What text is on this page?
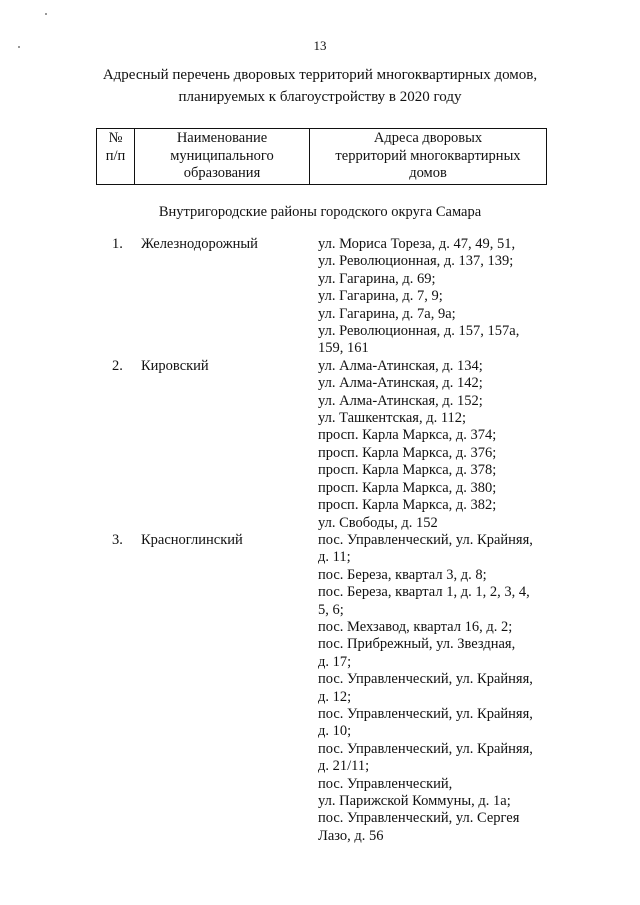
13
Адресный перечень дворовых территорий многоквартирных домов,
планируемых к благоустройству в 2020 году
№
п/п

Наименование
муниципального
образования

Адреса дворовых
территорий многоквартирных
домов
Внутригородские районы городского округа Самара
1. Железнодорожный	ул. Мориса Тореза, д. 47, 49, 51,
ул. Революционная, д. 137, 139;
ул. Гагарина, д. 69;
ул. Гагарина, д. 7, 9;
ул. Гагарина, д. 7а, 9а;
ул. Революционная, д. 157, 157а,
159, 161
2. Кировский	ул. Алма-Атинская, д. 134;
ул. Алма-Атинская, д. 142;
ул. Алма-Атинская, д. 152;
ул. Ташкентская, д. 112;
просп. Карла Маркса, д. 374;
просп. Карла Маркса, д. 376;
просп. Карла Маркса, д. 378;
просп. Карла Маркса, д. 380;
просп. Карла Маркса, д. 382;
ул. Свободы, д. 152
3. Красноглинский	пос. Управленческий, ул. Крайняя,
д. 11;
пос. Береза, квартал 3, д. 8;
пос. Береза, квартал 1, д. 1, 2, 3, 4,
5, 6;
пос. Мехзавод, квартал 16, д. 2;
пос. Прибрежный, ул. Звездная,
д. 17;
пос. Управленческий, ул. Крайняя,
д. 12;
пос. Управленческий, ул. Крайняя,
д. 10;
пос. Управленческий, ул. Крайняя,
д. 21/11;
пос. Управленческий,
ул. Парижской Коммуны, д. 1а;
пос. Управленческий, ул. Сергея
Лазо, д. 56
